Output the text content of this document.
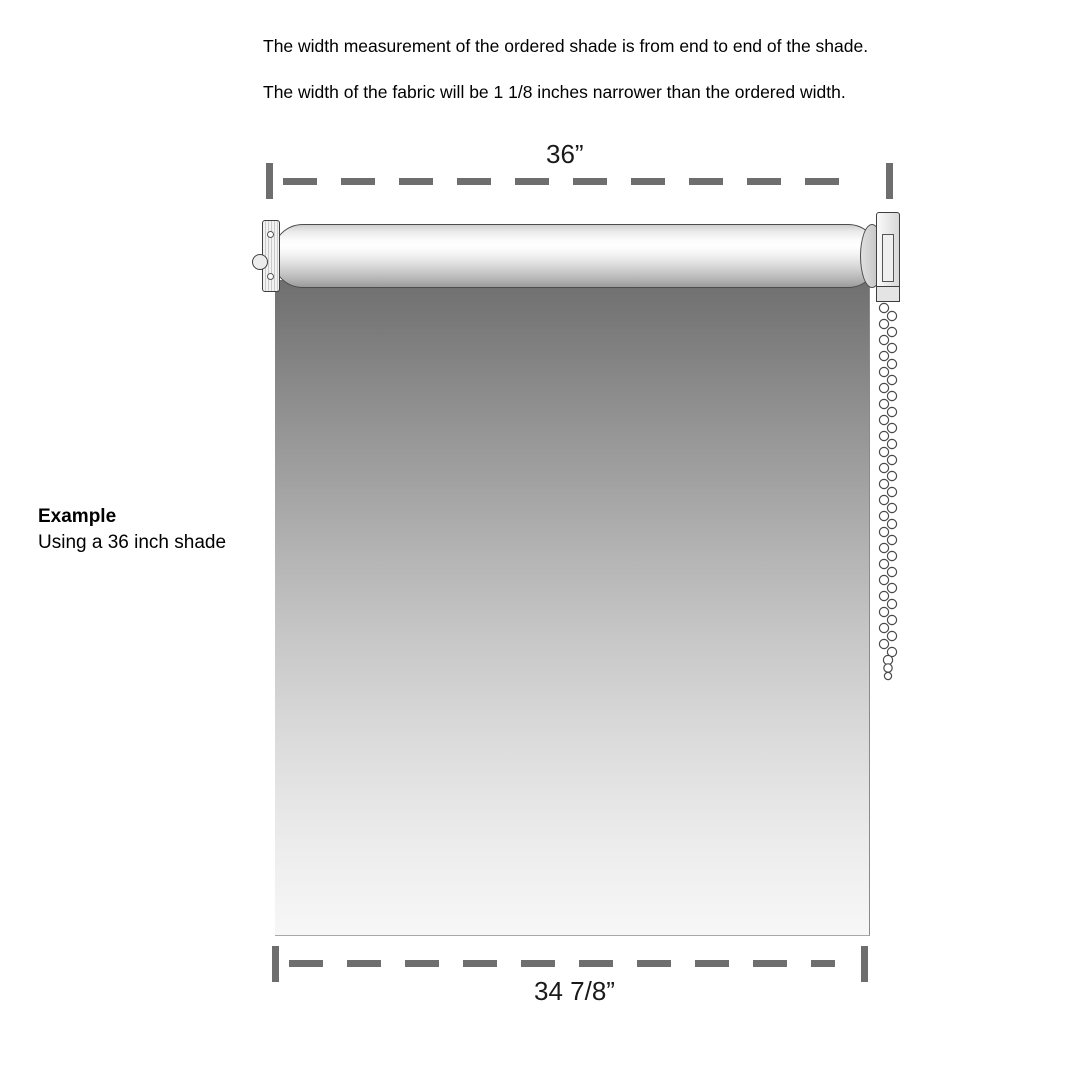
The width measurement of the ordered shade is from end to end of the shade.
The width of the fabric will be 1 1/8 inches narrower than the ordered width.
Example
Using a 36 inch shade
36”
34 7/8”
